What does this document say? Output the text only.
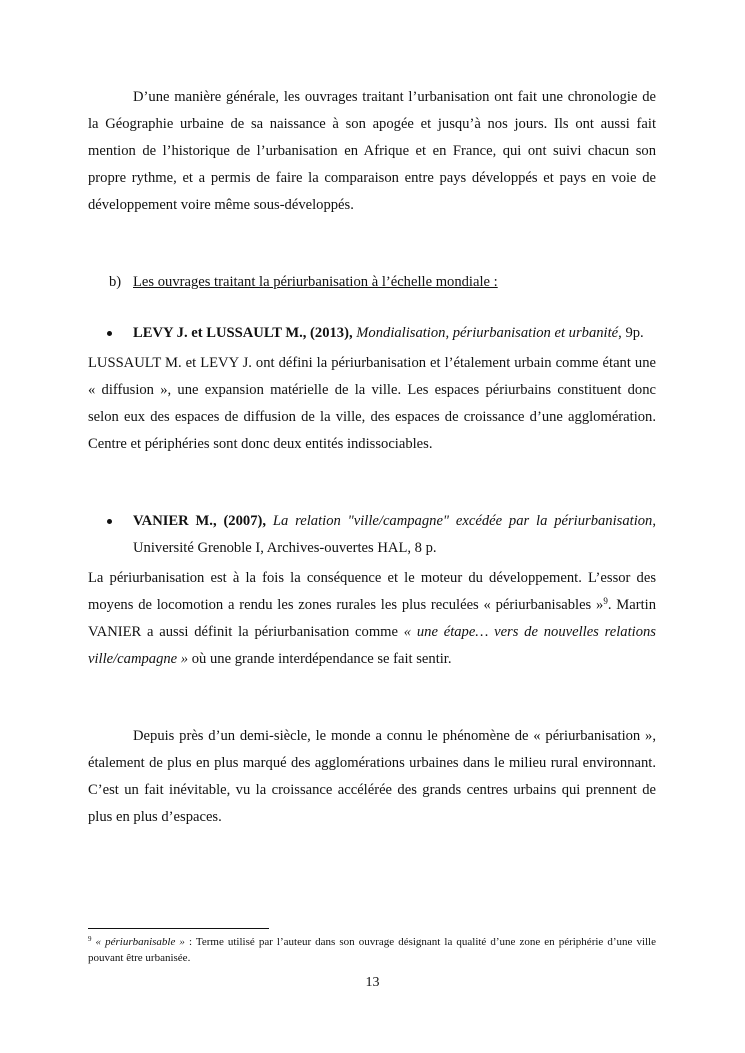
D’une manière générale, les ouvrages traitant l’urbanisation ont fait une chronologie de la Géographie urbaine de sa naissance à son apogée et jusqu’à nos jours. Ils ont aussi fait mention de l’historique de l’urbanisation en Afrique et en France, qui ont suivi chacun son propre rythme, et a permis de faire la comparaison entre pays développés et pays en voie de développement voire même sous-développés.

b) Les ouvrages traitant la périurbanisation à l’échelle mondiale :

LEVY J. et LUSSAULT M., (2013), Mondialisation, périurbanisation et urbanité, 9p.

LUSSAULT M. et LEVY J. ont défini la périurbanisation et l’étalement urbain comme étant une « diffusion », une expansion matérielle de la ville. Les espaces périurbains constituent donc selon eux des espaces de diffusion de la ville, des espaces de croissance d’une agglomération. Centre et périphéries sont donc deux entités indissociables.

VANIER M., (2007), La relation "ville/campagne" excédée par la périurbanisation, Université Grenoble I, Archives-ouvertes HAL, 8 p.

La périurbanisation est à la fois la conséquence et le moteur du développement. L’essor des moyens de locomotion a rendu les zones rurales les plus reculées « périurbanisables »$^9$. Martin VANIER a aussi définit la périurbanisation comme « une étape… vers de nouvelles relations ville/campagne » où une grande interdépendance se fait sentir.

Depuis près d’un demi-siècle, le monde a connu le phénomène de « périurbanisation », étalement de plus en plus marqué des agglomérations urbaines dans le milieu rural environnant. C’est un fait inévitable, vu la croissance accélérée des grands centres urbains qui prennent de plus en plus d’espaces.

$^9$ « périurbanisable » : Terme utilisé par l’auteur dans son ouvrage désignant la qualité d’une zone en périphérie d’une ville pouvant être urbanisée.
13
